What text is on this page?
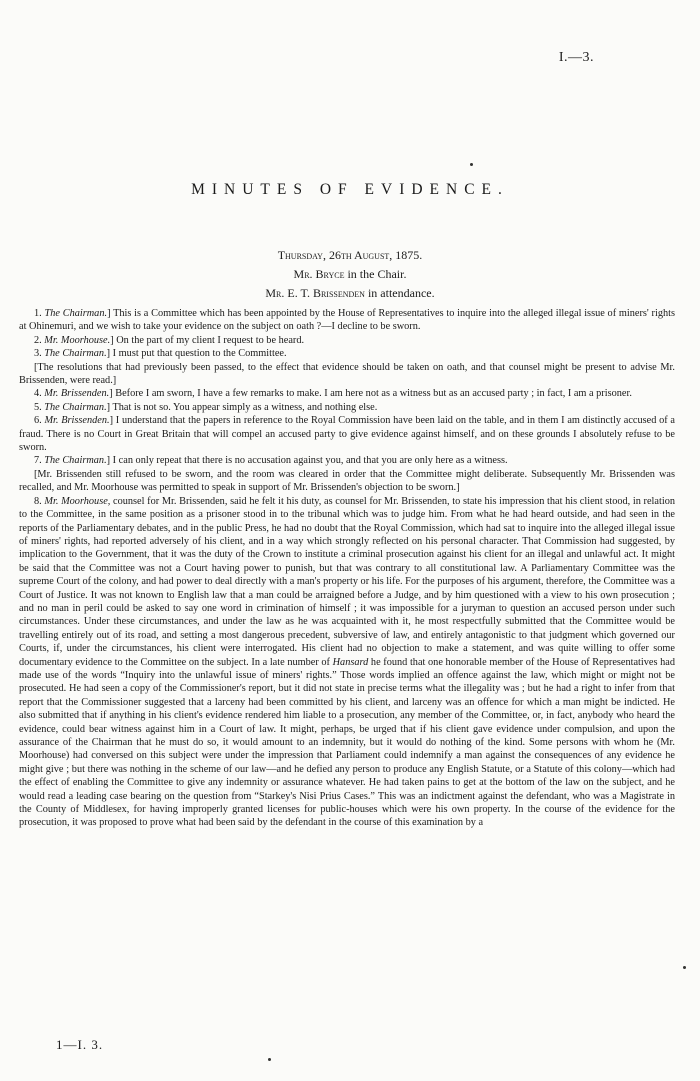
I.—3.
MINUTES OF EVIDENCE.
Thursday, 26th August, 1875.
Mr. Bryce in the Chair.
Mr. E. T. Brissenden in attendance.

1. The Chairman.] This is a Committee which has been appointed by the House of Representatives to inquire into the alleged illegal issue of miners' rights at Ohinemuri, and we wish to take your evidence on the subject on oath ?—I decline to be sworn.

2. Mr. Moorhouse.] On the part of my client I request to be heard.

3. The Chairman.] I must put that question to the Committee.

[The resolutions that had previously been passed, to the effect that evidence should be taken on oath, and that counsel might be present to advise Mr. Brissenden, were read.]

4. Mr. Brissenden.] Before I am sworn, I have a few remarks to make. I am here not as a witness but as an accused party ; in fact, I am a prisoner.

5. The Chairman.] That is not so. You appear simply as a witness, and nothing else.

6. Mr. Brissenden.] I understand that the papers in reference to the Royal Commission have been laid on the table, and in them I am distinctly accused of a fraud. There is no Court in Great Britain that will compel an accused party to give evidence against himself, and on these grounds I absolutely refuse to be sworn.

7. The Chairman.] I can only repeat that there is no accusation against you, and that you are only here as a witness.

[Mr. Brissenden still refused to be sworn, and the room was cleared in order that the Committee might deliberate. Subsequently Mr. Brissenden was recalled, and Mr. Moorhouse was permitted to speak in support of Mr. Brissenden's objection to be sworn.]

8. Mr. Moorhouse, counsel for Mr. Brissenden, said he felt it his duty, as counsel for Mr. Brissenden, to state his impression that his client stood, in relation to the Committee, in the same position as a prisoner stood in to the tribunal which was to judge him. From what he had heard outside, and had seen in the reports of the Parliamentary debates, and in the public Press, he had no doubt that the Royal Commission, which had sat to inquire into the alleged illegal issue of miners' rights, had reported adversely of his client, and in a way which strongly reflected on his personal character. That Commission had suggested, by implication to the Government, that it was the duty of the Crown to institute a criminal prosecution against his client for an illegal and unlawful act. It might be said that the Committee was not a Court having power to punish, but that was contrary to all constitutional law. A Parliamentary Committee was the supreme Court of the colony, and had power to deal directly with a man's property or his life. For the purposes of his argument, therefore, the Committee was a Court of Justice. It was not known to English law that a man could be arraigned before a Judge, and by him questioned with a view to his own prosecution ; and no man in peril could be asked to say one word in crimination of himself ; it was impossible for a juryman to question an accused person under such circumstances. Under these circumstances, and under the law as he was acquainted with it, he most respectfully submitted that the Committee would be travelling entirely out of its road, and setting a most dangerous precedent, subversive of law, and entirely antagonistic to that judgment which governed our Courts, if, under the circumstances, his client were interrogated. His client had no objection to make a statement, and was quite willing to offer some documentary evidence to the Committee on the subject. In a late number of Hansard he found that one honorable member of the House of Representatives had made use of the words “Inquiry into the unlawful issue of miners' rights.” Those words implied an offence against the law, which might or might not be prosecuted. He had seen a copy of the Commissioner's report, but it did not state in precise terms what the illegality was ; but he had a right to infer from that report that the Commissioner suggested that a larceny had been committed by his client, and larceny was an offence for which a man might be indicted. He also submitted that if anything in his client's evidence rendered him liable to a prosecution, any member of the Committee, or, in fact, anybody who heard the evidence, could bear witness against him in a Court of law. It might, perhaps, be urged that if his client gave evidence under compulsion, and upon the assurance of the Chairman that he must do so, it would amount to an indemnity, but it would do nothing of the kind. Some persons with whom he (Mr. Moorhouse) had conversed on this subject were under the impression that Parliament could indemnify a man against the consequences of any evidence he might give ; but there was nothing in the scheme of our law—and he defied any person to produce any English Statute, or a Statute of this colony—which had the effect of enabling the Committee to give any indemnity or assurance whatever. He had taken pains to get at the bottom of the law on the subject, and he would read a leading case bearing on the question from “Starkey's Nisi Prius Cases.” This was an indictment against the defendant, who was a Magistrate in the County of Middlesex, for having improperly granted licenses for public-houses which were his own property. In the course of the evidence for the prosecution, it was proposed to prove what had been said by the defendant in the course of this examination by a

1—I. 3.
